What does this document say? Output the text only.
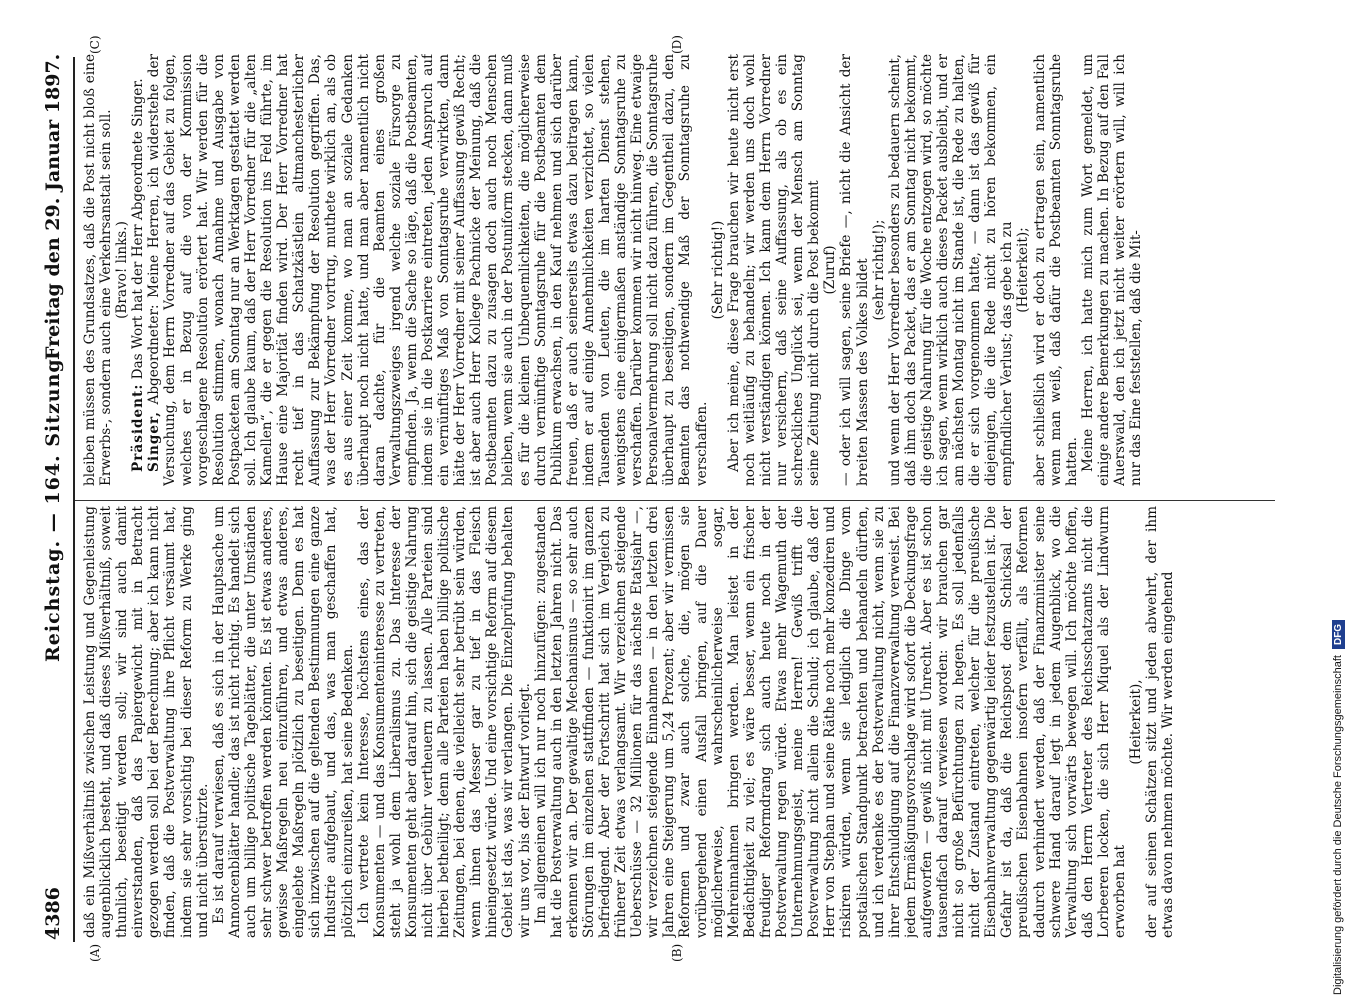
4386
Reichstag. — 164. Sitzung.
Freitag den 29. Januar 1897.
(A)	(B)
(C)	(D)

daß ein Mißverhältniß zwischen Leistung und Gegenleistung augenblicklich besteht, und daß dieses Mißverhältniß, soweit thunlich, beseitigt werden soll; wir sind auch damit einverstanden, daß das Papiergewicht mit in Betracht gezogen werden soll bei der Berechnung; aber ich kann nicht finden, daß die Postverwaltung ihre Pflicht versäumt hat, indem sie sehr vorsichtig bei dieser Reform zu Werke ging und nicht überstürzte. Es ist darauf verwiesen, daß es sich in der Hauptsache um Annoncenblätter handle; das ist nicht richtig. Es handelt sich auch um billige politische Tageblätter, die unter Umständen sehr schwer betroffen werden könnten. Es ist etwas anderes, gewisse Maßregeln neu einzuführen, und etwas anderes, eingelebte Maßregeln plötzlich zu beseitigen. Denn es hat sich inzwischen auf die geltenden Bestimmungen eine ganze Industrie aufgebaut, und das, was man geschaffen hat, plötzlich einzureißen, hat seine Bedenken. Ich vertrete kein Interesse, höchstens eines, das der Konsumenten — und das Konsumenteninteresse zu vertreten, steht ja wohl dem Liberalismus zu. Das Interesse der Konsumenten geht aber darauf hin, sich die geistige Nahrung nicht über Gebühr vertheuern zu lassen. Alle Parteien sind hierbei betheiligt; denn alle Parteien haben billige politische Zeitungen, bei denen, die vielleicht sehr betrübt sein würden, wenn ihnen das Messer gar zu tief in das Fleisch hineingesetzt würde. Und eine vorsichtige Reform auf diesem Gebiet ist das, was wir verlangen. Die Einzelprüfung behalten wir uns vor, bis der Entwurf vorliegt. Im allgemeinen will ich nur noch hinzufügen: zugestanden hat die Postverwaltung auch in den letzten Jahren nicht. Das erkennen wir an. Der gewaltige Mechanismus — so sehr auch Störungen im einzelnen stattfinden — funktionirt im ganzen befriedigend. Aber der Fortschritt hat sich im Vergleich zu früherer Zeit etwas verlangsamt. Wir verzeichnen steigende Ueberschüsse — 32 Millionen für das nächste Etatsjahr —, wir verzeichnen steigende Einnahmen — in den letzten drei Jahren eine Steigerung um 5,24 Prozent; aber wir vermissen Reformen und zwar auch solche, die, mögen sie vorübergehend einen Ausfall bringen, auf die Dauer möglicherweise, wahrscheinlicherweise sogar, Mehreinnahmen bringen werden. Man leistet in der Bedächtigkeit zu viel; es wäre besser, wenn ein frischer freudiger Reformdrang sich auch heute noch in der Postverwaltung regen würde. Etwas mehr Wagemuth der Unternehmungsgeist, meine Herren! Gewiß trifft die Postverwaltung nicht allein die Schuld; ich glaube, daß der Herr von Stephan und seine Räthe noch mehr konzediren und riskiren würden, wenn sie lediglich die Dinge vom postalischen Standpunkt betrachten und behandeln dürften, und ich verdenke es der Postverwaltung nicht, wenn sie zu ihrer Entschuldigung auf die Finanzverwaltung verweist. Bei jedem Ermäßigungsvorschlage wird sofort die Deckungsfrage aufgeworfen — gewiß nicht mit Unrecht. Aber es ist schon tausendfach darauf verwiesen worden: wir brauchen gar nicht so große Befürchtungen zu hegen. Es soll jedenfalls nicht der Zustand eintreten, welcher für die preußische Eisenbahnverwaltung gegenwärtig leider festzustellen ist. Die Gefahr ist da, daß die Reichspost dem Schicksal der preußischen Eisenbahnen insofern verfällt, als Reformen dadurch verhindert werden, daß der Finanzminister seine schwere Hand darauf legt in jedem Augenblick, wo die Verwaltung sich vorwärts bewegen will. Ich möchte hoffen, daß den Herrn Vertreter des Reichsschatzamts nicht die Lorbeeren locken, die sich Herr Miquel als der Lindwurm erworben hat

(Heiterkeit), der auf seinen Schätzen sitzt und jeden abwehrt, der ihm etwas davon nehmen möchte. Wir werden eingehend

bleiben müssen des Grundsatzes, daß die Post nicht bloß eine Erwerbs-, sondern auch eine Verkehrsanstalt sein soll. (Bravo! links.)

Präsident: Das Wort hat der Herr Abgeordnete Singer.

Singer, Abgeordneter: Meine Herren, ich widerstehe der Versuchung, dem Herrn Vorredner auf das Gebiet zu folgen, welches er in Bezug auf die von der Kommission vorgeschlagene Resolution erörtert hat. Wir werden für die Resolution stimmen, wonach Annahme und Ausgabe von Postpacketen am Sonntag nur an Werktagen gestattet werden soll. Ich glaube kaum, daß der Herr Vorredner für die „alten Kamellen“, die er gegen die Resolution ins Feld führte, im Hause eine Majorität finden wird. Der Herr Vorredner hat recht tief in das Schatzkästlein altmanchesterlicher Auffassung zur Bekämpfung der Resolution gegriffen. Das, was der Herr Vorredner vortrug, muthete wirklich an, als ob es aus einer Zeit komme, wo man an soziale Gedanken überhaupt noch nicht hatte, und man aber namentlich nicht daran dachte, für die Beamten eines großen Verwaltungszweiges irgend welche soziale Fürsorge zu empfinden. Ja, wenn die Sache so läge, daß die Postbeamten, indem sie in die Postkarriere eintreten, jeden Anspruch auf ein vernünftiges Maß von Sonntagsruhe verwirkten, dann hätte der Herr Vorredner mit seiner Auffassung gewiß Recht; ist aber auch Herr Kollege Pachnicke der Meinung, daß die Postbeamten dazu zu zusagen doch auch noch Menschen bleiben, wenn sie auch in der Postuniform stecken, dann muß es für die kleinen Unbequemlichkeiten, die möglicherweise durch vernünftige Sonntagsruhe für die Postbeamten dem Publikum erwachsen, in den Kauf nehmen und sich darüber freuen, daß er auch seinerseits etwas dazu beitragen kann, indem er auf einige Annehmlichkeiten verzichtet, so vielen Tausenden von Leuten, die im harten Dienst stehen, wenigstens eine einigermaßen anständige Sonntagsruhe zu verschaffen. Darüber kommen wir nicht hinweg. Eine etwaige Personalvermehrung soll nicht dazu führen, die Sonntagsruhe überhaupt zu beseitigen, sondern im Gegentheil dazu, den Beamten das nothwendige Maß der Sonntagsruhe zu verschaffen.

(Sehr richtig!) Aber ich meine, diese Frage brauchen wir heute nicht erst noch weitläufig zu behandeln; wir werden uns doch wohl nicht verständigen können. Ich kann dem Herrn Vorredner nur versichern, daß seine Auffassung, als ob es ein schreckliches Unglück sei, wenn der Mensch am Sonntag seine Zeitung nicht durch die Post bekommt (Zuruf) — oder ich will sagen, seine Briefe —, nicht die Ansicht der breiten Massen des Volkes bildet (sehr richtig!); und wenn der Herr Vorredner besonders zu bedauern scheint, daß ihm doch das Packet, das er am Sonntag nicht bekommt, die geistige Nahrung für die Woche entzogen wird, so möchte ich sagen, wenn wirklich auch dieses Packet ausbleibt, und er am nächsten Montag nicht im Stande ist, die Rede zu halten, die er sich vorgenommen hatte, — dann ist das gewiß für diejenigen, die die Rede nicht zu hören bekommen, ein empfindlicher Verlust; das gebe ich zu (Heiterkeit); aber schließlich wird er doch zu ertragen sein, namentlich wenn man weiß, daß dafür die Postbeamten Sonntagsruhe hatten. Meine Herren, ich hatte mich zum Wort gemeldet, um einige andere Bemerkungen zu machen. In Bezug auf den Fall Auerswald, den ich jetzt nicht weiter erörtern will, will ich nur das Eine feststellen, daß die Mit-

Digitalisierung gefördert durch die Deutsche ForschungsgemeinschaftDFG
